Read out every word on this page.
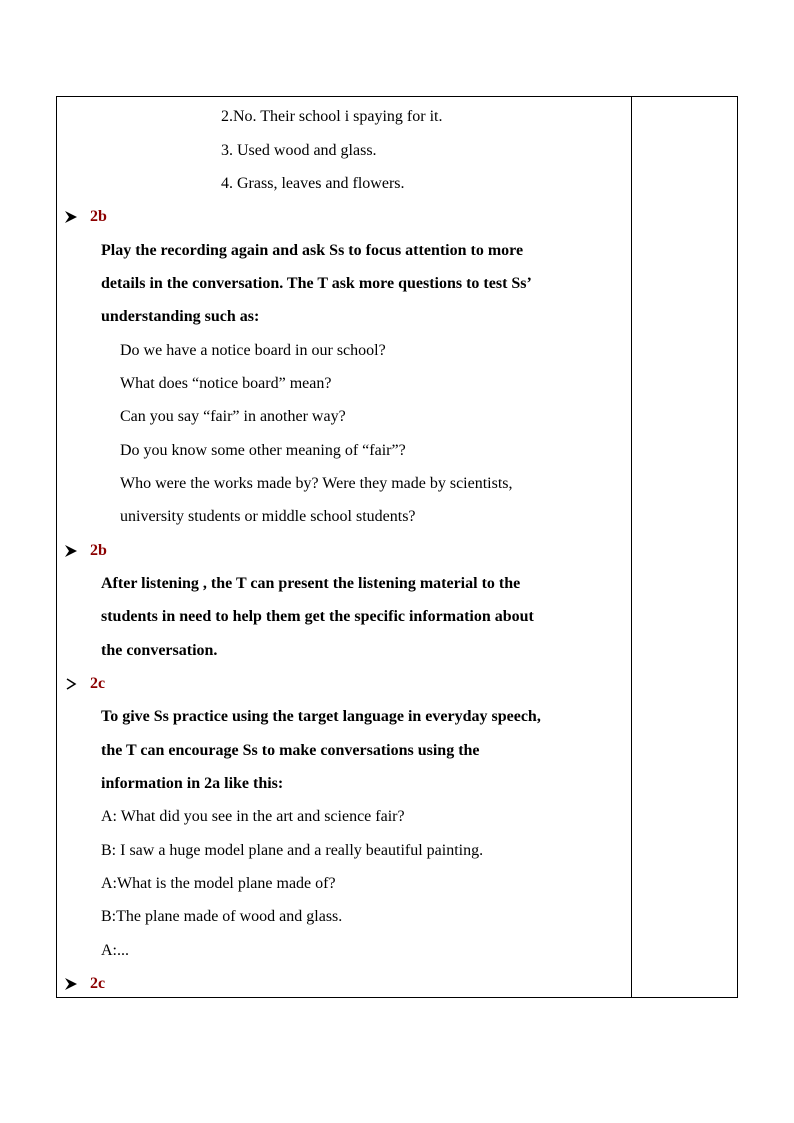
2.No. Their school i spaying for it.
3. Used wood and glass.
4. Grass, leaves and flowers.
2b
Play the recording again and ask Ss to focus attention to more
details in the conversation. The T ask more questions to test Ss’
understanding such as:
Do we have a notice board in our school?
What does “notice board” mean?
Can you say “fair” in another way?
Do you know some other meaning of “fair”?
Who were the works made by? Were they made by scientists,
university students or middle school students?
2b
After listening , the T can present the listening material to the
students in need to help them get the specific information about
the conversation.
2c
To give Ss practice using the target language in everyday speech,
the T can encourage Ss to make conversations using the
information in 2a like this:
A: What did you see in the art and science fair?
B: I saw a huge model plane and a really beautiful painting.
A:What is the model plane made of?
B:The plane made of wood and glass.
A:...
2c
